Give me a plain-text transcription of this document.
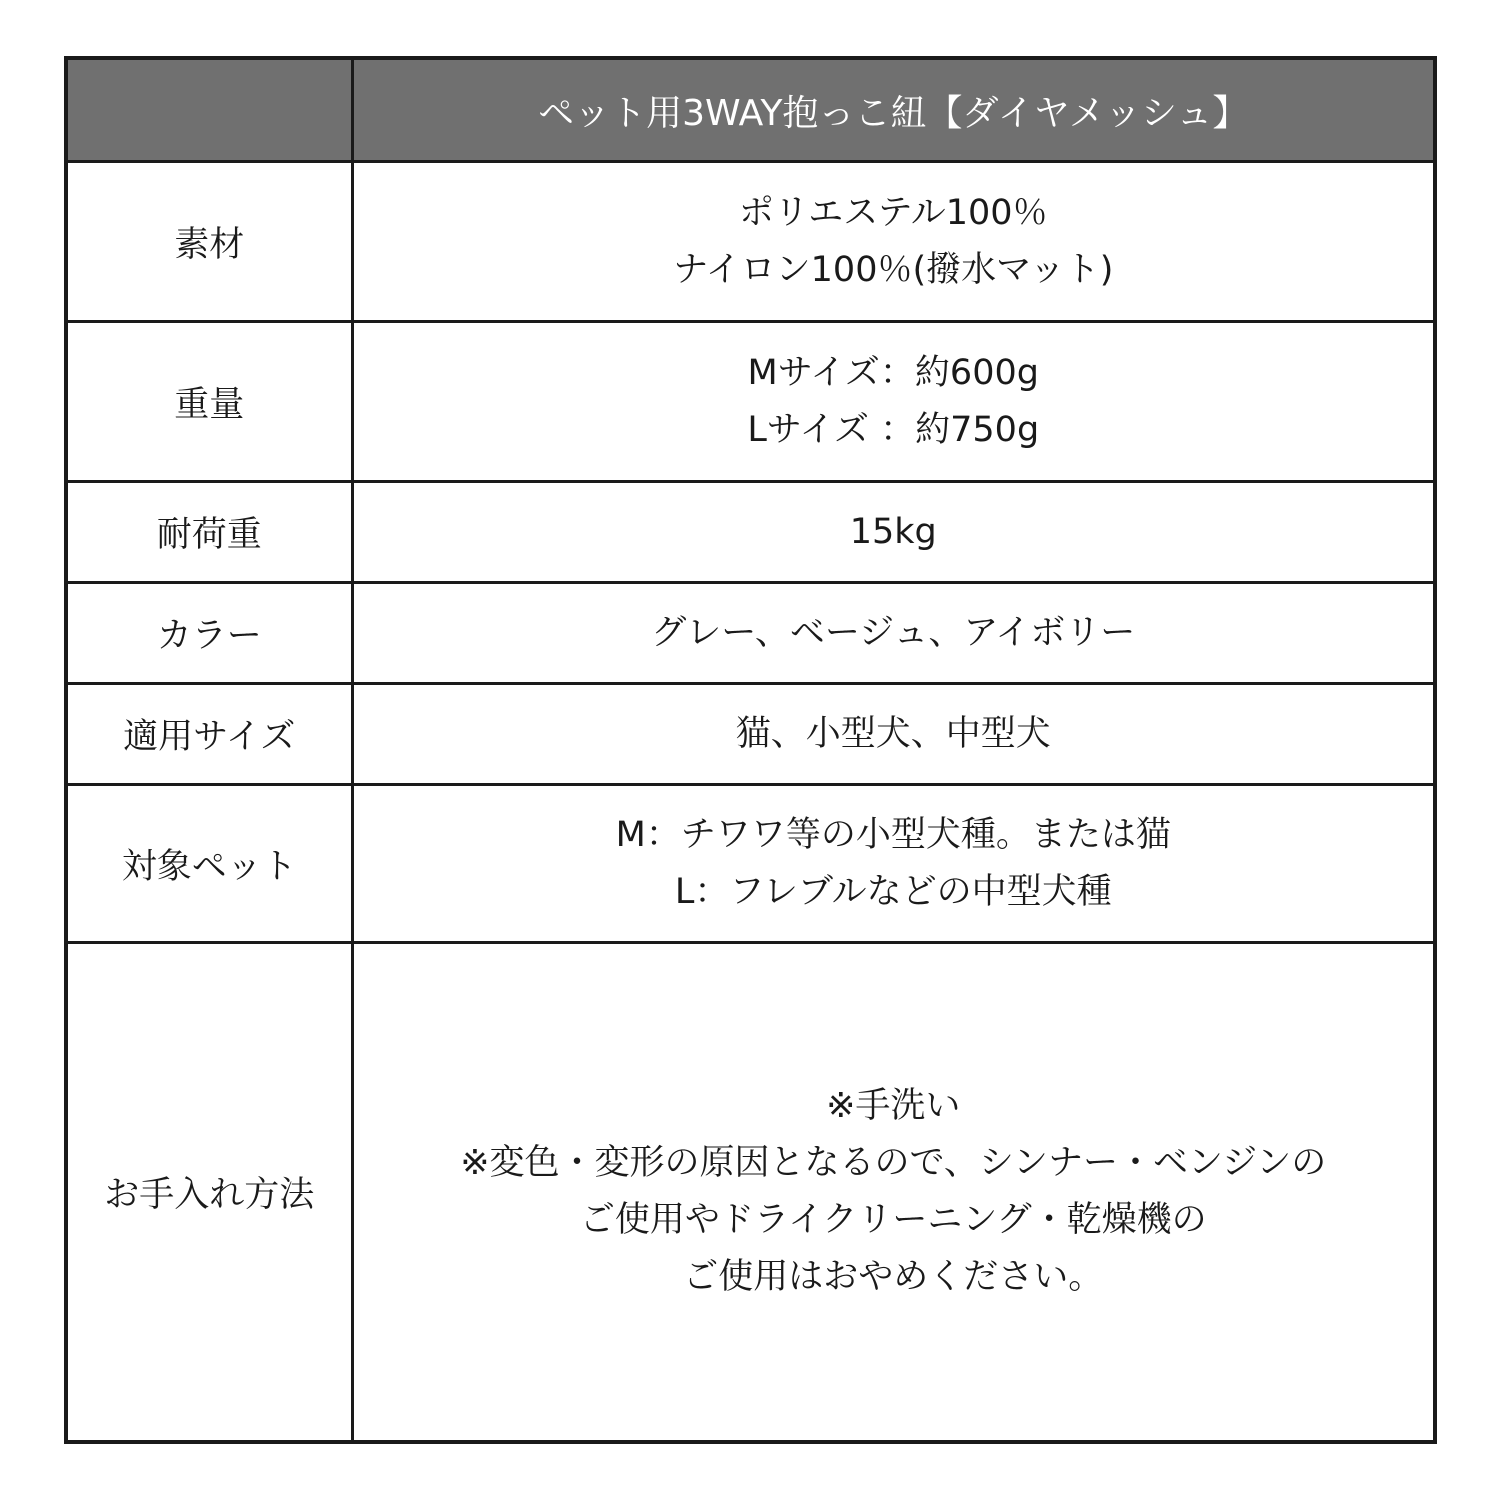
	ペット用3WAY抱っこ紐【ダイヤメッシュ】
素材	ポリエステル100％
ナイロン100％(撥水マット)

重量	Mサイズ：約600g
Lサイズ ：約750g

耐荷重	15kg
カラー	グレー、ベージュ、アイボリー
適用サイズ	猫、小型犬、中型犬
対象ペット	M：チワワ等の小型犬種。または猫
L：フレブルなどの中型犬種

お手入れ方法	※手洗い
※変色・変形の原因となるので、シンナー・ベンジンの
ご使用やドライクリーニング・乾燥機の
ご使用はおやめください。
